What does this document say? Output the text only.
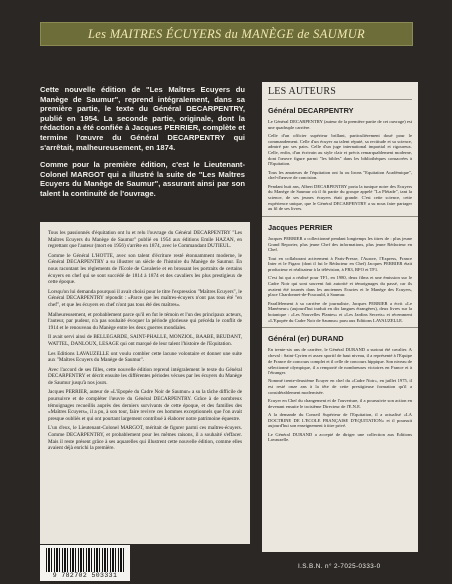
Les MAITRES ÉCUYERS du MANÈGE de SAUMUR

Cette nouvelle édition de "Les Maîtres Ecuyers du Manège de Saumur", reprend intégralement, dans sa première partie, le texte du Général DECARPENTRY, publié en 1954. La seconde partie, originale, dont la rédaction a été confiée à Jacques PERRIER, complète et termine l'œuvre du Général DECARPENTRY qui s'arrêtait, malheureusement, en 1874.

Comme pour la première édition, c'est le Lieutenant-Colonel MARGOT qui a illustré la suite de "Les Maîtres Ecuyers du Manège de Saumur", assurant ainsi par son talent la continuité de l'ouvrage.

Tous les passionnés d'équitation ont lu et relu l'ouvrage du Général DECARPENTRY "Les Maîtres Ecuyers du Manège de Saumur" publié en 1954 aux éditions Emile HAZAN, en regrettant que l'auteur (mort en 1956) s'arrête en 1874, avec le Commandant DUTIEUL.

Comme le Général L'HOTTE, avec son talent d'écriture resté étonnamment moderne, le Général DECARPENTRY a su illustrer un siècle de l'histoire du Manège de Saumur. En nous racontant les règlements de l'Ecole de Cavalerie et en brossant les portraits de certains écuyers en chef qui se sont succédé de 1814 à 1874 et des cavaliers les plus prestigieux de cette époque.

Lorsqu'on lui demanda pourquoi il avait choisi pour le titre l'expression "Maîtres Ecuyers", le Général DECARPENTRY répondit : «Parce que les maîtres-écuyers n'ont pas tous été "en chef", et que les écuyers en chef n'ont pas tous été des maîtres».

Malheureusement, et probablement parce qu'il en fut le témoin et l'un des principaux acteurs, l'auteur, par pudeur, n'a pas souhaité évoquer la période glorieuse qui précéda le conflit de 1914 et le renouveau du Manège entre les deux guerres mondiales.

Il avait servi ainsi de BELLEGARDE, SAINT-PHALLE, MONZIOL, BAABE, BEUDANT, WATTEL, DANLOUX, LESAGE qui ont marqué de leur talent l'histoire de l'Equitation.

Les Editions LAVAUZELLE ont voulu combler cette lacune volontaire et donner une suite aux "Maîtres Ecuyers du Manège de Saumur".

Avec l'accord de ses filles, cette nouvelle édition reprend intégralement le texte du Général DECARPENTRY et décrit ensuite les différentes périodes vécues par les écuyers du Manège de Saumur jusqu'à nos jours.

Jacques PERRIER, auteur de «L'Epopée du Cadre Noir de Saumur» a su la tâche difficile de poursuivre et de compléter l'œuvre du Général DECARPENTRY. Grâce à de nombreux témoignages recueillis auprès des derniers survivants de cette époque, et des familles des «Maîtres Ecuyers», il a pu, à son tour, faire revivre ces hommes exceptionnels que l'on avait presque oubliés et qui ont pourtant largement contribué à élaborer notre patrimoine équestre.

L'un d'eux, le Lieutenant-Colonel MARGOT, méritait de figurer parmi ces maîtres-écuyers. Comme DECARPENTRY, et probablement pour les mêmes raisons, il a souhaité s'effacer. Mais il reste présent grâce à ses aquarelles qui illustrent cette nouvelle édition, comme elles avaient déjà enrichi la première.

9 782702 503331
I.S.B.N. n° 2-7025-0333-0
LES AUTEURS
Général DECARPENTRY

Le Général DECARPENTRY (auteur de la première partie de cet ouvrage) est une quadruple carrière.

Celle d'un officier supérieur brillant, particulièrement doué pour le commandement. Celle d'un écuyer au talent réputé, sa rectitude et sa science, admiré par ses pairs. Celle d'un juge international impartial et rigoureux. Celle, enfin, d'un écrivain au style clair et précis remarquablement moderne, dont l'œuvre figure parmi "les bibles" dans les bibliothèques consacrées à l'Equitation.

Tous les amateurs de l'équitation ont lu ou lirons "Equitation Académique", chef-d'œuvre de concision.

Pendant huit ans, Albert DECARPENTRY porta la tunique noire des Ecuyers du Manège de Saumur où il fit partie du groupe appelé "La Pléiade", tant la science, de ses jeunes écuyers était grande. C'est cette science, cette expérience unique, que le Général DECARPENTRY a su nous faire partager au fil de ses livres.

Jacques PERRIER

Jacques PERRIER a collectionné pendant longtemps les titres de : plus jeune Grand Reporter, plus jeune Chef des informations, plus jeune Rédacteur en Chef.

Tout en collaborant activement à Paris-Presse, l'Aurore, l'Express, France Inter et le Figaro (dont il fut le Rédacteur en Chef) Jacques PERRIER était producteur et réalisateur à la télévision, à FR3, RFO et TF1.

C'est lui qui a réalisé pour TF1, en 1980, deux films et une émission sur le Cadre Noir qui sont souvent fait autorité et témoignages du passé, car ils avaient été tournés dans les anciennes Ecuries et le Manège des Ecuyers, place Chardonnet-de-Foucauld, à Saumur.

Parallèlement à sa carrière de journaliste, Jacques PERRIER a écrit «Le Manèneur» (aujourd'hui traduit en dix langues étrangères), deux livres sur la botanique : «Les Nouvelles Plantes» et «Les Jardins Secrets» et récemment «L'Epopée du Cadre Noir de Saumur» paru aux Editions LAVAUZELLE.

Général (er) DURAND

En trente-six ans de carrière, le Général DURAND a surtout été cavalier. A cheval : Saint-Cyrien et assez sportif de haut niveau, il a représenté à l'Equipe de France de concours complet et il celle de concours hippique. Son niveau de sélectionné olympique, il a remporté de nombreuses victoires en France et à l'étranger.

Nommé trente-deuxième Ecuyer en chef du «Cadre Noir», en juillet 1975, il est resté onze ans à la tête de cette prestigieuse formation qu'il a considérablement modernisée.

Ecuyer en Chef du changement et de l'ouverture, il a poursuivie son action en devenant ensuite le troisième Directeur de l'E.N.E.

A la demande du Conseil Supérieur de l'Equitation, il a actualisé «LA DOCTRINE DE L'ECOLE FRANÇAISE D'EQUITATION» et il poursuit aujourd'hui son enseignement à titre privé.

Le Général DURAND a accepté de diriger une collection aux Editions Lavauzelle.
